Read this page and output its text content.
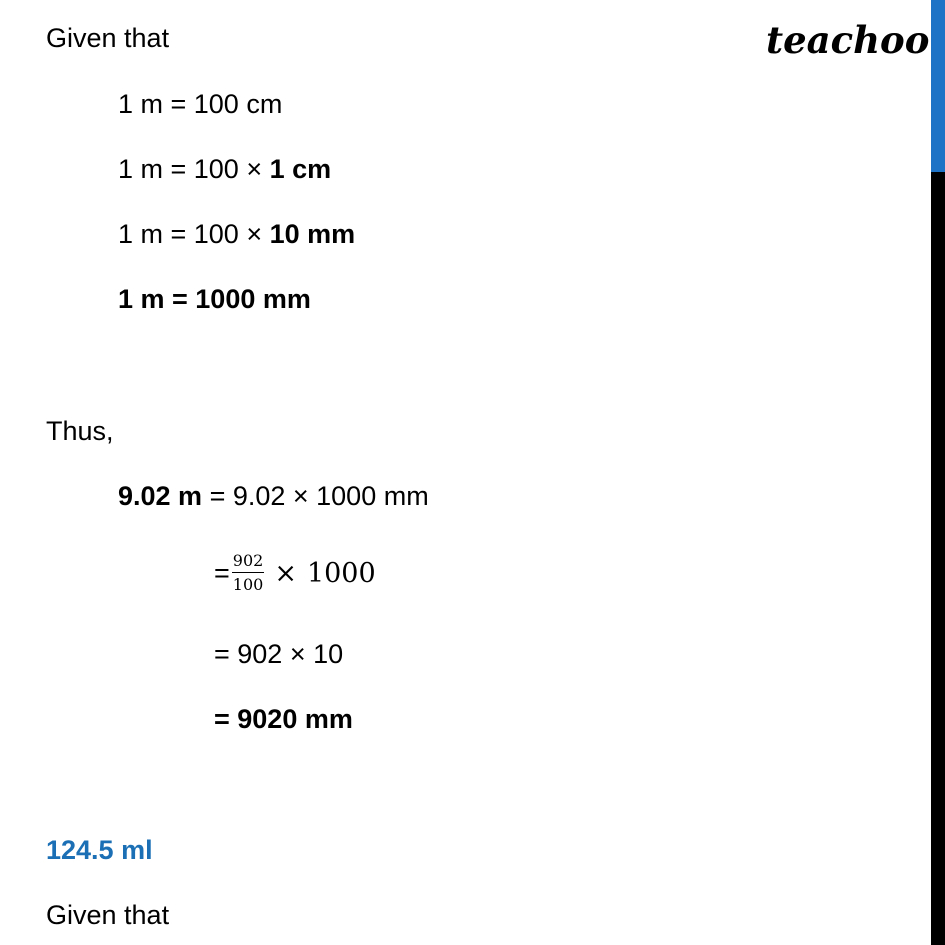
teachoo
Given that
1 m = 100 cm
1 m = 100 × 1 cm
1 m = 100 × 10 mm
1 m = 1000 mm
Thus,
9.02 m = 9.02 × 1000 mm
= $\frac{902}{100} \times 1000$
= 902 × 10
= 9020 mm
124.5 ml
Given that
